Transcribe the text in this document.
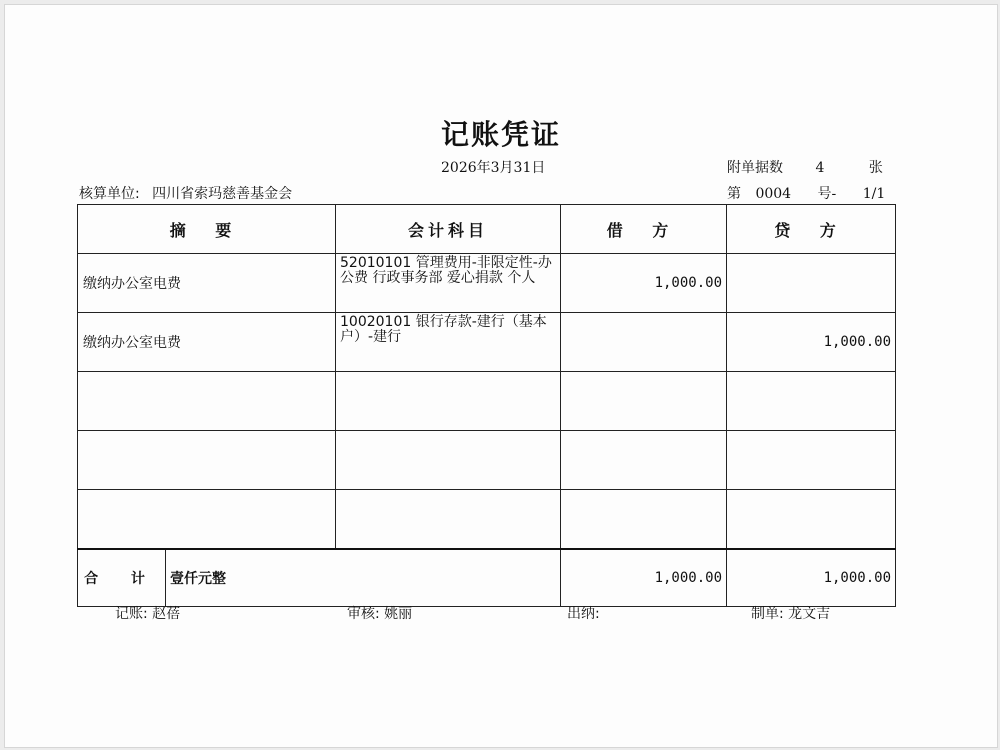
记账凭证
2026年3月31日	附单据数 4	张
核算单位: 四川省索玛慈善基金会	第 0004 号- 1/1
摘 要		会计科目	借 方	贷 方
缴纳办公室电费		52010101 管理费用-非限定性-办公费 行政事务部 爱心捐款 个人	1,000.00	
缴纳办公室电费		10020101 银行存款-建行（基本户）-建行		1,000.00

合 计	壹仟元整		1,000.00	1,000.00
记账: 赵蓓	审核: 姚丽	出纳:	制单: 龙文吉
